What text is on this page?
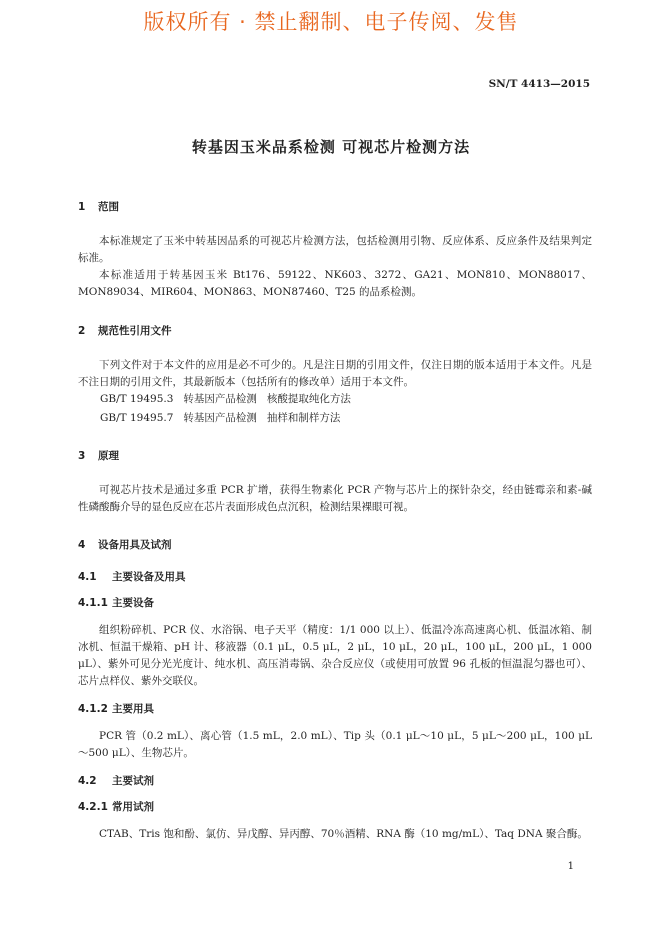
版权所有 · 禁止翻制、电子传阅、发售
SN/T 4413—2015
转基因玉米品系检测 可视芯片检测方法
1 范围
本标准规定了玉米中转基因品系的可视芯片检测方法，包括检测用引物、反应体系、反应条件及结果判定标准。
本标准适用于转基因玉米 Bt176、59122、NK603、3272、GA21、MON810、MON88017、MON89034、MIR604、MON863、MON87460、T25 的品系检测。
2 规范性引用文件
下列文件对于本文件的应用是必不可少的。凡是注日期的引用文件，仅注日期的版本适用于本文件。凡是不注日期的引用文件，其最新版本（包括所有的修改单）适用于本文件。
GB/T 19495.3   转基因产品检测   核酸提取纯化方法
GB/T 19495.7   转基因产品检测   抽样和制样方法
3 原理
可视芯片技术是通过多重 PCR 扩增，获得生物素化 PCR 产物与芯片上的探针杂交，经由链霉亲和素-碱性磷酸酶介导的显色反应在芯片表面形成色点沉积，检测结果裸眼可视。
4 设备用具及试剂
4.1 主要设备及用具
4.1.1 主要设备
组织粉碎机、PCR 仪、水浴锅、电子天平（精度：1/1 000 以上）、低温冷冻高速离心机、低温冰箱、制冰机、恒温干燥箱、pH 计、移液器（0.1 μL，0.5 μL，2 μL，10 μL，20 μL，100 μL，200 μL，1 000 μL）、紫外可见分光光度计、纯水机、高压消毒锅、杂合反应仪（或使用可放置 96 孔板的恒温混匀器也可）、芯片点样仪、紫外交联仪。
4.1.2 主要用具
PCR 管（0.2 mL）、离心管（1.5 mL，2.0 mL）、Tip 头（0.1 μL～10 μL，5 μL～200 μL，100 μL～500 μL）、生物芯片。
4.2 主要试剂
4.2.1 常用试剂
CTAB、Tris 饱和酚、氯仿、异戊醇、异丙醇、70％酒精、RNA 酶（10 mg/mL）、Taq DNA 聚合酶。
1
